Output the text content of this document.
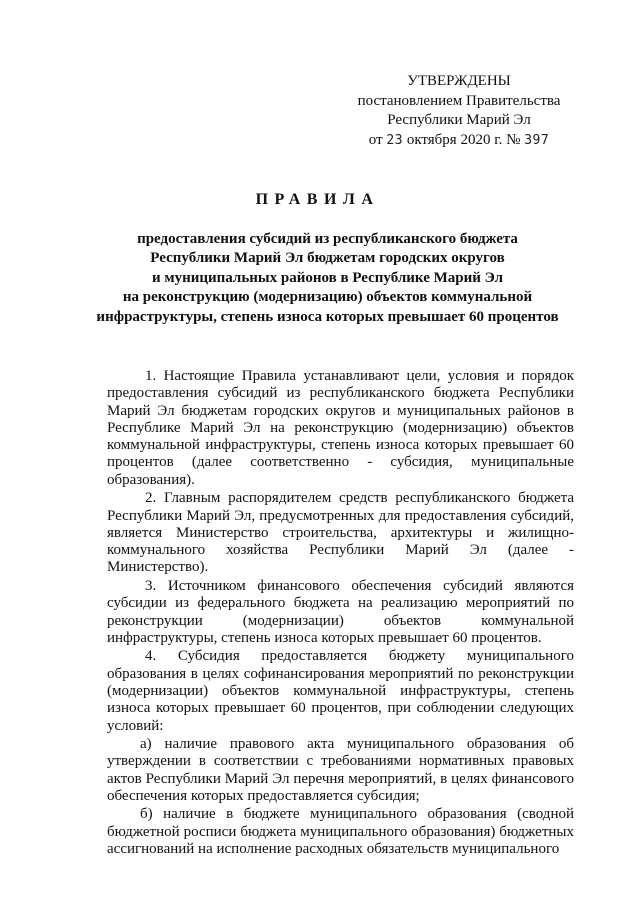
УТВЕРЖДЕНЫ
постановлением Правительства
Республики Марий Эл
от 23 октября 2020 г. № 397
ПРАВИЛА
предоставления субсидий из республиканского бюджета
Республики Марий Эл бюджетам городских округов
и муниципальных районов в Республике Марий Эл
на реконструкцию (модернизацию) объектов коммунальной
инфраструктуры, степень износа которых превышает 60 процентов

1. Настоящие Правила устанавливают цели, условия и порядок предоставления субсидий из республиканского бюджета Республики Марий Эл бюджетам городских округов и муниципальных районов в Республике Марий Эл на реконструкцию (модернизацию) объектов коммунальной инфраструктуры, степень износа которых превышает 60 процентов (далее соответственно - субсидия, муниципальные образования).

2. Главным распорядителем средств республиканского бюджета Республики Марий Эл, предусмотренных для предоставления субсидий, является Министерство строительства, архитектуры и жилищно-коммунального хозяйства Республики Марий Эл (далее - Министерство).

3. Источником финансового обеспечения субсидий являются субсидии из федерального бюджета на реализацию мероприятий по реконструкции (модернизации) объектов коммунальной инфраструктуры, степень износа которых превышает 60 процентов.

4. Субсидия предоставляется бюджету муниципального образования в целях софинансирования мероприятий по реконструкции (модернизации) объектов коммунальной инфраструктуры, степень износа которых превышает 60 процентов, при соблюдении следующих условий:

а) наличие правового акта муниципального образования об утверждении в соответствии с требованиями нормативных правовых актов Республики Марий Эл перечня мероприятий, в целях финансового обеспечения которых предоставляется субсидия;

б) наличие в бюджете муниципального образования (сводной бюджетной росписи бюджета муниципального образования) бюджетных ассигнований на исполнение расходных обязательств муниципального
